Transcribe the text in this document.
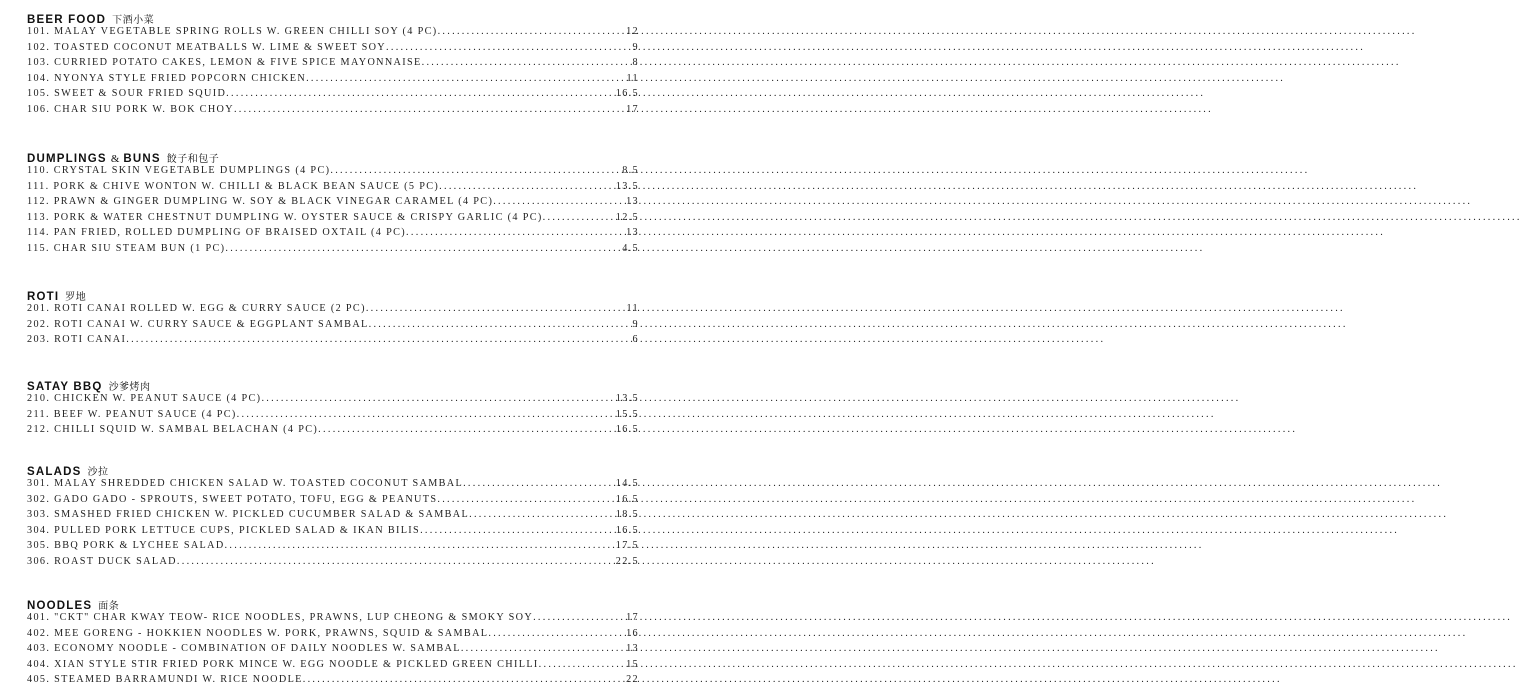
BEER FOOD 下酒小菜
101.
MALAY VEGETABLE SPRING ROLLS W. GREEN CHILLI SOY (4 PC) .....	12
102.
TOASTED COCONUT MEATBALLS W. LIME & SWEET SOY .....	9
103.
CURRIED POTATO CAKES, LEMON & FIVE SPICE MAYONNAISE .....	8
104.
NYONYA STYLE FRIED POPCORN CHICKEN .....	11
105.
SWEET & SOUR FRIED SQUID .....	16.5
106.
CHAR SIU PORK W. BOK CHOY .....	17
DUMPLINGS & BUNS 餃子和包子
110.
CRYSTAL SKIN VEGETABLE DUMPLINGS (4 PC) .....	8.5
111.
PORK & CHIVE WONTON W. CHILLI & BLACK BEAN SAUCE (5 PC) .....	13.5
112.
PRAWN & GINGER DUMPLING W. SOY & BLACK VINEGAR CARAMEL (4 PC) .....	13
113.
PORK & WATER CHESTNUT DUMPLING W. OYSTER SAUCE & CRISPY GARLIC (4 PC) .....	12.5
114.
PAN FRIED, ROLLED DUMPLING OF BRAISED OXTAIL (4 PC) .....	13
115.
CHAR SIU STEAM BUN (1 PC) .....	4.5
ROTI 罗地
201.
ROTI CANAI ROLLED W. EGG & CURRY SAUCE (2 PC) .....	11
202.
ROTI CANAI W. CURRY SAUCE & EGGPLANT SAMBAL .....	9
203.
ROTI CANAI .....	6
SATAY BBQ 沙爹烤肉
210.
CHICKEN W. PEANUT SAUCE (4 PC) .....	13.5
211.
BEEF W. PEANUT SAUCE (4 PC) .....	15.5
212.
CHILLI SQUID W. SAMBAL BELACHAN (4 PC) .....	16.5
SALADS 沙拉
301.
MALAY SHREDDED CHICKEN SALAD W. TOASTED COCONUT SAMBAL .....	14.5
302.
GADO GADO - SPROUTS, SWEET POTATO, TOFU, EGG & PEANUTS .....	16.5
303.
SMASHED FRIED CHICKEN W. PICKLED CUCUMBER SALAD & SAMBAL .....	18.5
304.
PULLED PORK LETTUCE CUPS, PICKLED SALAD & IKAN BILIS .....	16.5
305.
BBQ PORK & LYCHEE SALAD .....	17.5
306.
ROAST DUCK SALAD .....	22.5
NOODLES 面条
401.
"CKT" CHAR KWAY TEOW- RICE NOODLES, PRAWNS, LUP CHEONG & SMOKY SOY .....	17
402.
MEE GORENG - HOKKIEN NOODLES W. PORK, PRAWNS, SQUID & SAMBAL .....	16
403.
ECONOMY NOODLE - COMBINATION OF DAILY NOODLES W. SAMBAL .....	13
404.
XIAN STYLE STIR FRIED PORK MINCE W. EGG NOODLE & PICKLED GREEN CHILLI .....	15
405.
STEAMED BARRAMUNDI W. RICE NOODLE .....	22
